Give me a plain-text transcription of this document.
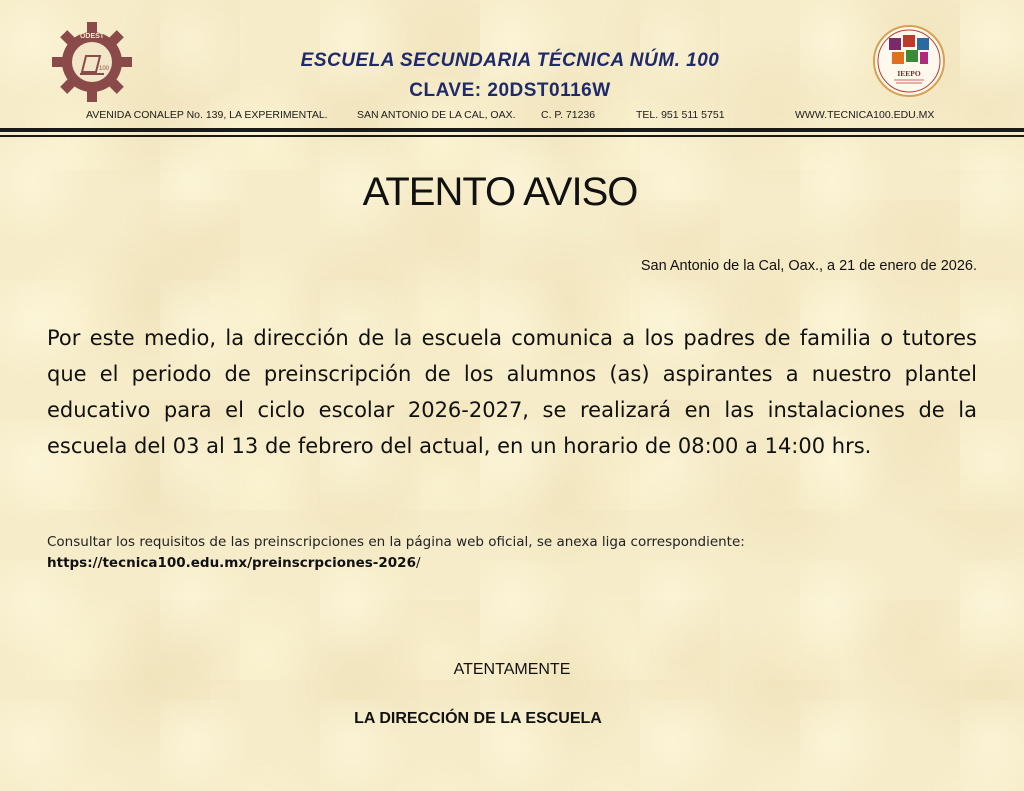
ODEST
100	IEEPO
ESCUELA SECUNDARIA TÉCNICA NÚM. 100
CLAVE: 20DST0116W
AVENIDA CONALEP No. 139, LA EXPERIMENTAL.	SAN ANTONIO DE LA CAL, OAX. C. P. 71236	TEL. 951 511 5751	WWW.TECNICA100.EDU.MX
ATENTO AVISO
San Antonio de la Cal, Oax., a 21 de enero de 2026.
Por este medio, la dirección de la escuela comunica a los padres de familia o tutores que el periodo de preinscripción de los alumnos (as) aspirantes a nuestro plantel educativo para el ciclo escolar 2026-2027, se realizará en las instalaciones de la escuela del 03 al 13 de febrero del actual, en un horario de 08:00 a 14:00 hrs.
Consultar los requisitos de las preinscripciones en la página web oficial, se anexa liga correspondiente:
https://tecnica100.edu.mx/preinscrpciones-2026/
ATENTAMENTE
LA DIRECCIÓN DE LA ESCUELA
